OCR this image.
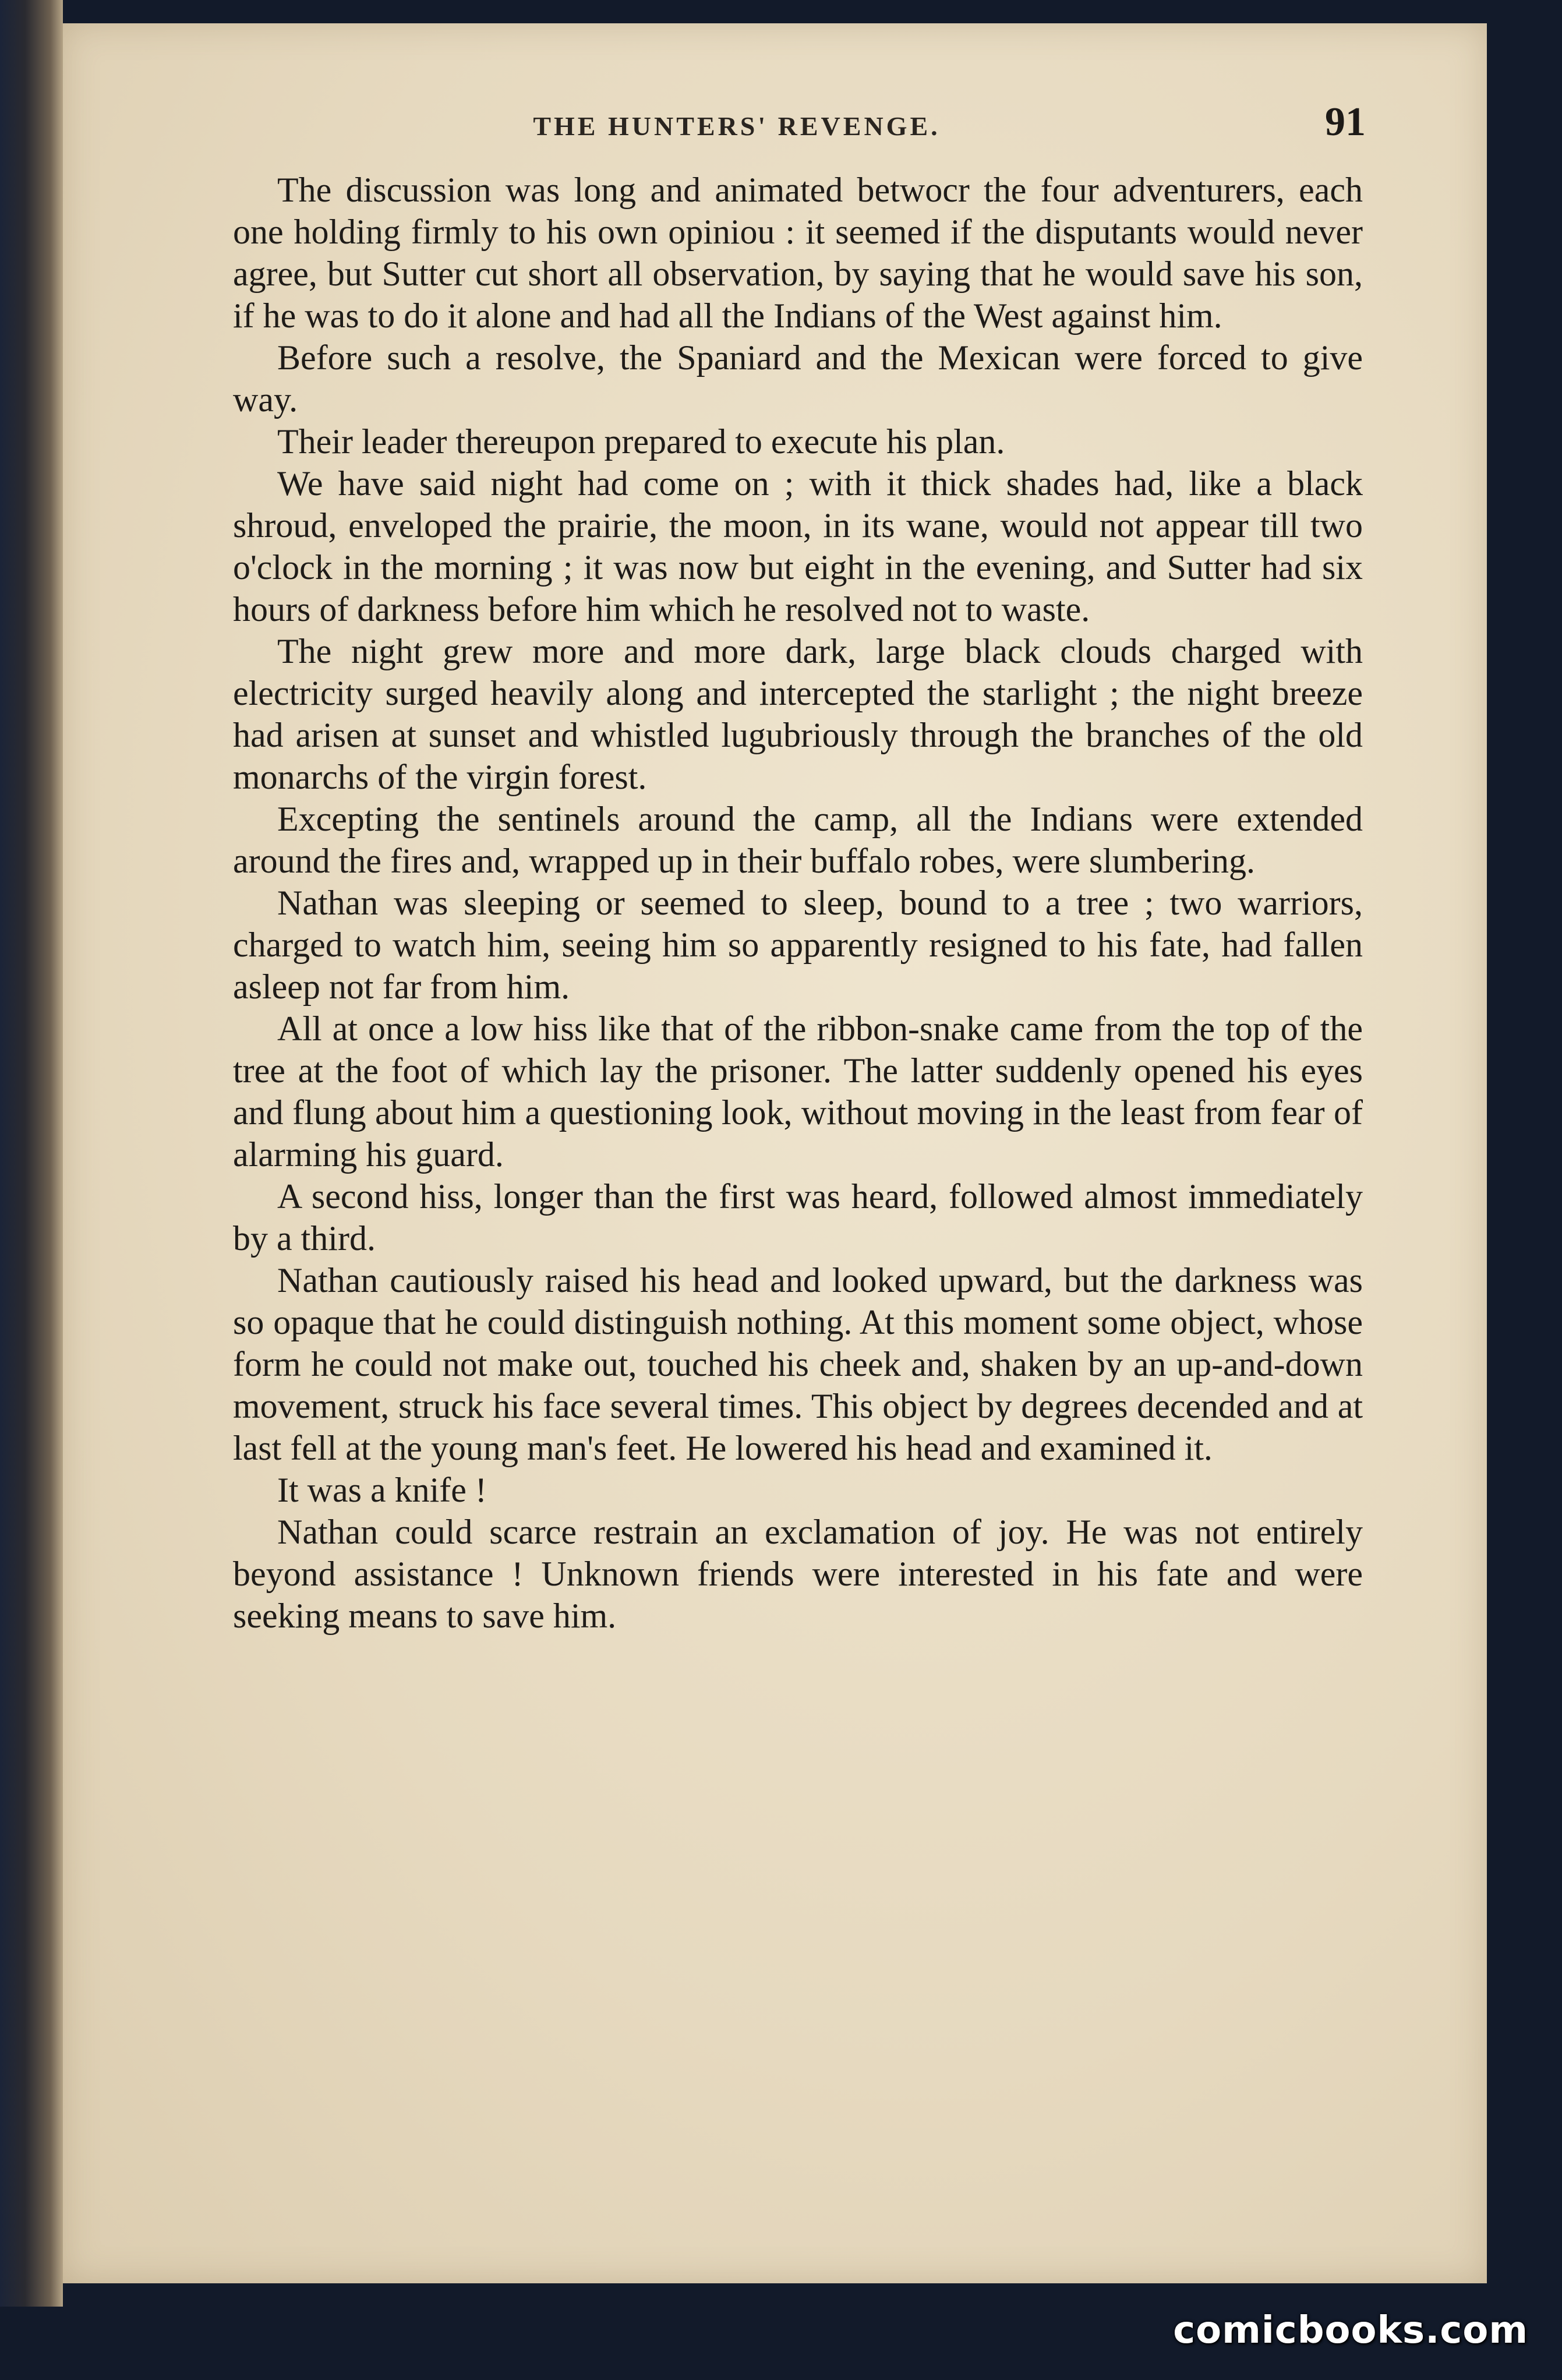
THE HUNTERS' REVENGE.	91

The discussion was long and animated betwocr the four adventurers, each one holding firmly to his own opiniou : it seemed if the disputants would never agree, but Sutter cut short all observation, by saying that he would save his son, if he was to do it alone and had all the Indians of the West against him.

Before such a resolve, the Spaniard and the Mexican were forced to give way.

Their leader thereupon prepared to execute his plan.

We have said night had come on ; with it thick shades had, like a black shroud, enveloped the prairie, the moon, in its wane, would not appear till two o'clock in the morning ; it was now but eight in the evening, and Sutter had six hours of darkness before him which he resolved not to waste.

The night grew more and more dark, large black clouds charged with electricity surged heavily along and intercepted the starlight ; the night breeze had arisen at sunset and whistled lugubriously through the branches of the old monarchs of the virgin forest.

Excepting the sentinels around the camp, all the Indians were extended around the fires and, wrapped up in their buffalo robes, were slumbering.

Nathan was sleeping or seemed to sleep, bound to a tree ; two warriors, charged to watch him, seeing him so apparently resigned to his fate, had fallen asleep not far from him.

All at once a low hiss like that of the ribbon-snake came from the top of the tree at the foot of which lay the prisoner. The latter suddenly opened his eyes and flung about him a questioning look, without moving in the least from fear of alarming his guard.

A second hiss, longer than the first was heard, followed almost immediately by a third.

Nathan cautiously raised his head and looked upward, but the darkness was so opaque that he could distinguish nothing. At this moment some object, whose form he could not make out, touched his cheek and, shaken by an up-and-down movement, struck his face several times. This object by degrees decended and at last fell at the young man's feet. He lowered his head and examined it.

It was a knife !

Nathan could scarce restrain an exclamation of joy. He was not entirely beyond assistance ! Unknown friends were interested in his fate and were seeking means to save him.

comicbooks.com
